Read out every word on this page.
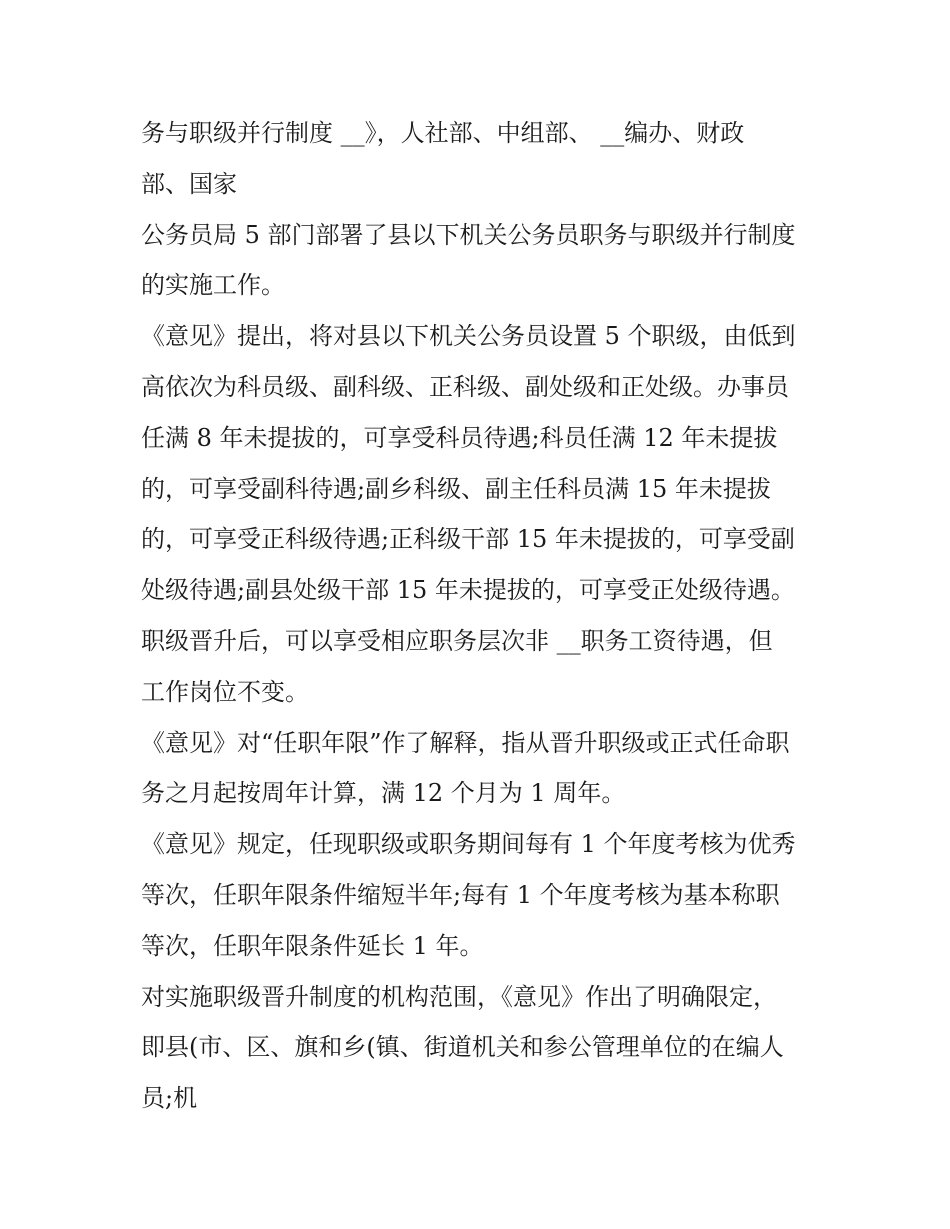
务与职级并行制度 __》，人社部、中组部、 __编办、财政
部、国家
公务员局 5 部门部署了县以下机关公务员职务与职级并行制度
的实施工作。
《意见》提出，将对县以下机关公务员设置 5 个职级，由低到
高依次为科员级、副科级、正科级、副处级和正处级。办事员
任满 8 年未提拔的，可享受科员待遇;科员任满 12 年未提拔
的，可享受副科待遇;副乡科级、副主任科员满 15 年未提拔
的，可享受正科级待遇;正科级干部 15 年未提拔的，可享受副
处级待遇;副县处级干部 15 年未提拔的，可享受正处级待遇。
职级晋升后，可以享受相应职务层次非 __职务工资待遇，但
工作岗位不变。
《意见》对“任职年限”作了解释，指从晋升职级或正式任命职
务之月起按周年计算，满 12 个月为 1 周年。
《意见》规定，任现职级或职务期间每有 1 个年度考核为优秀
等次，任职年限条件缩短半年;每有 1 个年度考核为基本称职
等次，任职年限条件延长 1 年。
对实施职级晋升制度的机构范围，《意见》作出了明确限定，
即县(市、区、旗和乡(镇、街道机关和参公管理单位的在编人
员;机
